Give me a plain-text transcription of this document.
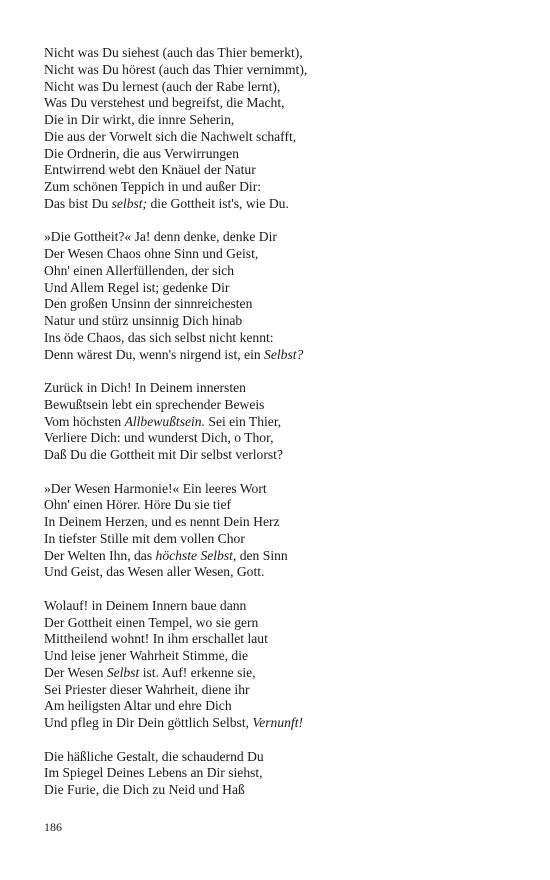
Nicht was Du siehest (auch das Thier bemerkt),
Nicht was Du hörest (auch das Thier vernimmt),
Nicht was Du lernest (auch der Rabe lernt),
Was Du verstehest und begreifst, die Macht,
Die in Dir wirkt, die innre Seherin,
Die aus der Vorwelt sich die Nachwelt schafft,
Die Ordnerin, die aus Verwirrungen
Entwirrend webt den Knäuel der Natur
Zum schönen Teppich in und außer Dir:
Das bist Du selbst; die Gottheit ist's, wie Du.
»Die Gottheit?« Ja! denn denke, denke Dir
Der Wesen Chaos ohne Sinn und Geist,
Ohn' einen Allerfüllenden, der sich
Und Allem Regel ist; gedenke Dir
Den großen Unsinn der sinnreichesten
Natur und stürz unsinnig Dich hinab
Ins öde Chaos, das sich selbst nicht kennt:
Denn wärest Du, wenn's nirgend ist, ein Selbst?
Zurück in Dich! In Deinem innersten
Bewußtsein lebt ein sprechender Beweis
Vom höchsten Allbewußtsein. Sei ein Thier,
Verliere Dich: und wunderst Dich, o Thor,
Daß Du die Gottheit mit Dir selbst verlorst?
»Der Wesen Harmonie!« Ein leeres Wort
Ohn' einen Hörer. Höre Du sie tief
In Deinem Herzen, und es nennt Dein Herz
In tiefster Stille mit dem vollen Chor
Der Welten Ihn, das höchste Selbst, den Sinn
Und Geist, das Wesen aller Wesen, Gott.
Wolauf! in Deinem Innern baue dann
Der Gottheit einen Tempel, wo sie gern
Mittheilend wohnt! In ihm erschallet laut
Und leise jener Wahrheit Stimme, die
Der Wesen Selbst ist. Auf! erkenne sie,
Sei Priester dieser Wahrheit, diene ihr
Am heiligsten Altar und ehre Dich
Und pfleg in Dir Dein göttlich Selbst, Vernunft!
Die häßliche Gestalt, die schaudernd Du
Im Spiegel Deines Lebens an Dir siehst,
Die Furie, die Dich zu Neid und Haß
186
